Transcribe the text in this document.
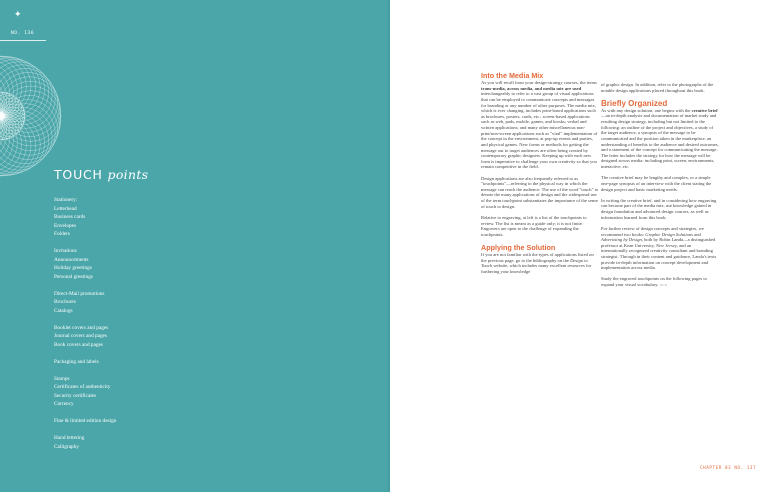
✦
NO. 136
TOUCH points
Stationery:
Letterhead
Business cards
Envelopes
Folders
Invitations
Announcements
Holiday greetings
Personal greetings
Direct-Mail promotions
Brochures
Catalogs
Booklet covers and pages
Journal covers and pages
Book covers and pages
Packaging and labels
Stamps
Certificates of authenticity
Security certificates
Currency
Fine & limited edition design
Hand lettering
Calligraphy
Into the Media Mix

As you will recall from your design-strategy courses, the terms trans-media, across media, and media mix are used interchangeably to refer to a vast group of visual applications that can be employed to communicate concepts and messages for branding or any number of other purposes. The media mix, which is ever changing, includes print-based applications such as brochures, posters, cards, etc.; screen-based applications such as web, pads, mobile, games, and kiosks; verbal and written applications; and many other miscellaneous non-print/non-screen applications such as "viral" implementation of the concept in the environment, at pop-up events and parties, and physical games. New forms or methods for getting the message out to target audiences are often being created by contemporary graphic designers. Keeping up with each new form is imperative to challenge your own creativity so that you remain competitive in the field.

Design applications are also frequently referred to as "touchpoints"—referring to the physical way in which the message can reach the audience. The use of the word "touch" to denote the many applications of design and the widespread use of the term touchpoint substantiates the importance of the sense of touch to design.

Relative to engraving, at left is a list of the touchpoints to review. The list is meant as a guide only; it is not finite. Engravers are open to the challenge of expanding the touchpoints.

Applying the Solution

If you are not familiar with the types of applications listed on the previous page, go to the bibliography on the Design to Touch website, which includes many excellent resources for furthering your knowledge

of graphic design. In addition, refer to the photographs of the notable design applications placed throughout this book.

Briefly Organized

As with any design solution, one begins with the creative brief—an in-depth analysis and documentation of market study and resulting design strategy, including but not limited to the following: an outline of the project and objectives, a study of the target audience, a synopsis of the message to be communicated and the position taken in the marketplace, an understanding of benefits to the audience and desired outcomes, and a statement of the concept for communicating the message. The letter includes the strategy for how the message will be designed across media: including print, screen, environments, interactive, etc.

The creative brief may be lengthy and complex, or a simple one-page synopsis of an interview with the client stating the design project and basic marketing needs.

In writing the creative brief, and in considering how engraving can become part of the media mix, use knowledge gained in design foundation and advanced design courses, as well as information learned from this book.

For further review of design concepts and strategies, we recommend two books: Graphic Design Solutions and Advertising by Design, both by Robin Landa—a distinguished professor at Kean University, New Jersey, and an internationally recognized creativity consultant and branding strategist. Through in their content and guidance, Landa's texts provide in-depth information on concept development and implementation across media.

Study the engraved touchpoints on the following pages to expand your visual vocabulary. ::::::

CHAPTER 03 NO. 137
